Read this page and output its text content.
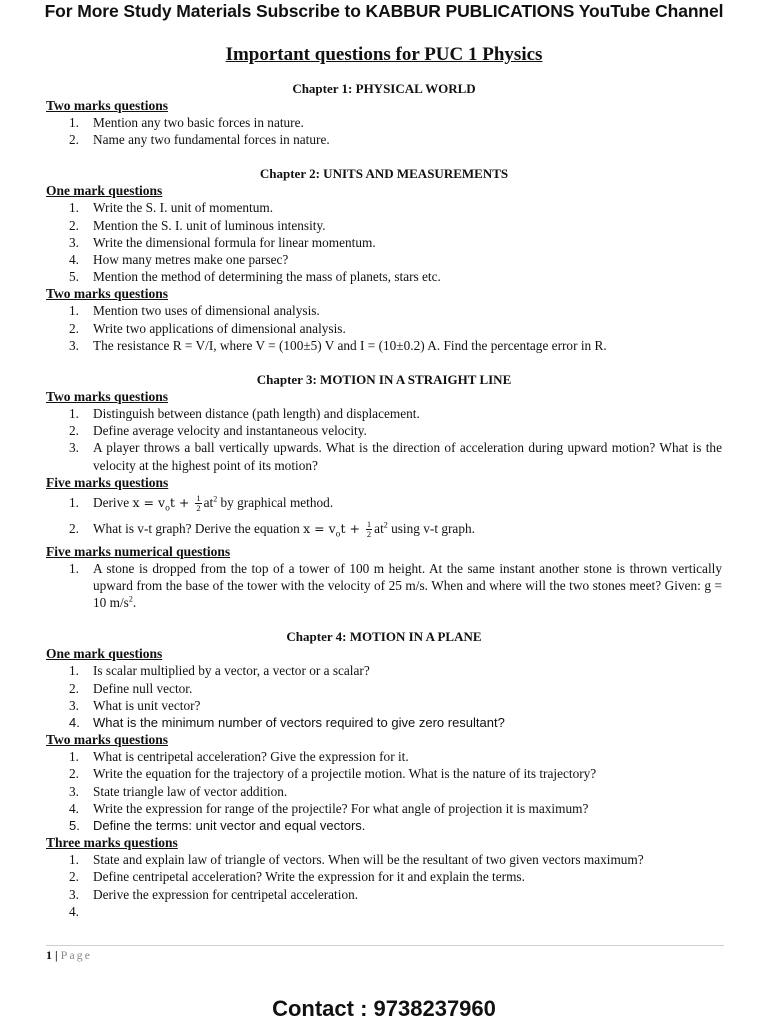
For More Study Materials Subscribe to KABBUR PUBLICATIONS YouTube Channel
Important questions for PUC 1 Physics
Chapter 1: PHYSICAL WORLD
Two marks questions
1. Mention any two basic forces in nature.
2. Name any two fundamental forces in nature.
Chapter 2: UNITS AND MEASUREMENTS
One mark questions
1. Write the S. I. unit of momentum.
2. Mention the S. I. unit of luminous intensity.
3. Write the dimensional formula for linear momentum.
4. How many metres make one parsec?
5. Mention the method of determining the mass of planets, stars etc.
Two marks questions
1. Mention two uses of dimensional analysis.
2. Write two applications of dimensional analysis.
3. The resistance R = V/I, where V = (100±5) V and I = (10±0.2) A. Find the percentage error in R.
Chapter 3: MOTION IN A STRAIGHT LINE
Two marks questions
1. Distinguish between distance (path length) and displacement.
2. Define average velocity and instantaneous velocity.
3. A player throws a ball vertically upwards. What is the direction of acceleration during upward motion? What is the velocity at the highest point of its motion?
Five marks questions
1. Derive $x = v_ot + \frac{1}{2} at^2$ by graphical method.
2. What is v-t graph? Derive the equation $x = v_ot + \frac{1}{2} at^2$ using v-t graph.
Five marks numerical questions
1. A stone is dropped from the top of a tower of 100 m height. At the same instant another stone is thrown vertically upward from the base of the tower with the velocity of 25 m/s. When and where will the two stones meet? Given: g = 10 $m/s^2$.
Chapter 4: MOTION IN A PLANE
One mark questions
1. Is scalar multiplied by a vector, a vector or a scalar?
2. Define null vector.
3. What is unit vector?
4. What is the minimum number of vectors required to give zero resultant?
Two marks questions
1. What is centripetal acceleration? Give the expression for it.
2. Write the equation for the trajectory of a projectile motion. What is the nature of its trajectory?
3. State triangle law of vector addition.
4. Write the expression for range of the projectile? For what angle of projection it is maximum?
5. Define the terms: unit vector and equal vectors.
Three marks questions
1. State and explain law of triangle of vectors. When will be the resultant of two given vectors maximum?
2. Define centripetal acceleration? Write the expression for it and explain the terms.
3. Derive the expression for centripetal acceleration.
4.
1 | Page
Contact : 9738237960
